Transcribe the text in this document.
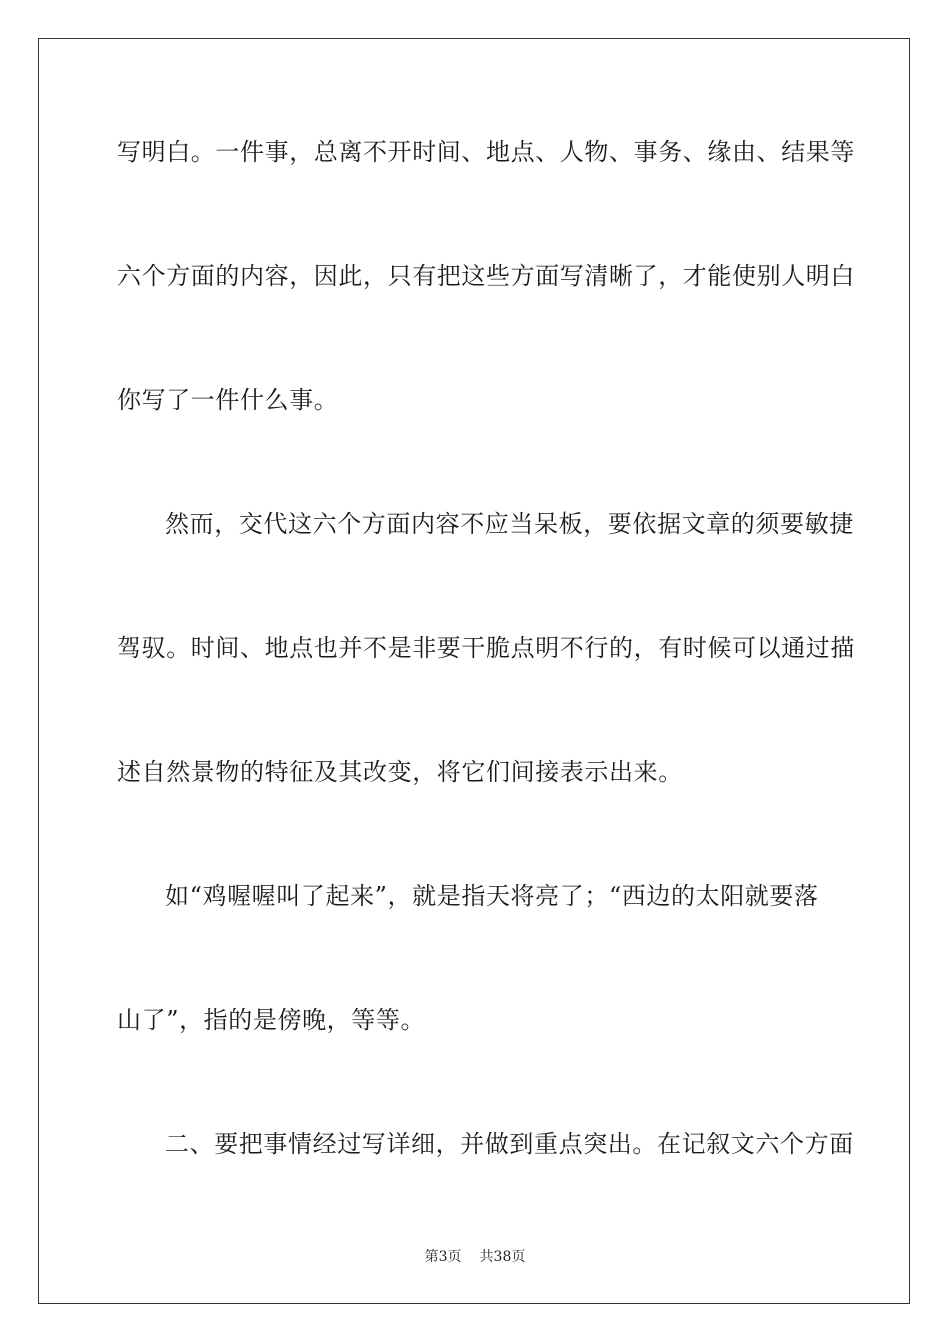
写明白。一件事，总离不开时间、地点、人物、事务、缘由、结果等
六个方面的内容，因此，只有把这些方面写清晰了，才能使别人明白
你写了一件什么事。
然而，交代这六个方面内容不应当呆板，要依据文章的须要敏捷
驾驭。时间、地点也并不是非要干脆点明不行的，有时候可以通过描
述自然景物的特征及其改变，将它们间接表示出来。
如“鸡喔喔叫了起来”，就是指天将亮了；“西边的太阳就要落
山了”，指的是傍晚，等等。
二、要把事情经过写详细，并做到重点突出。在记叙文六个方面
第3页 共38页
